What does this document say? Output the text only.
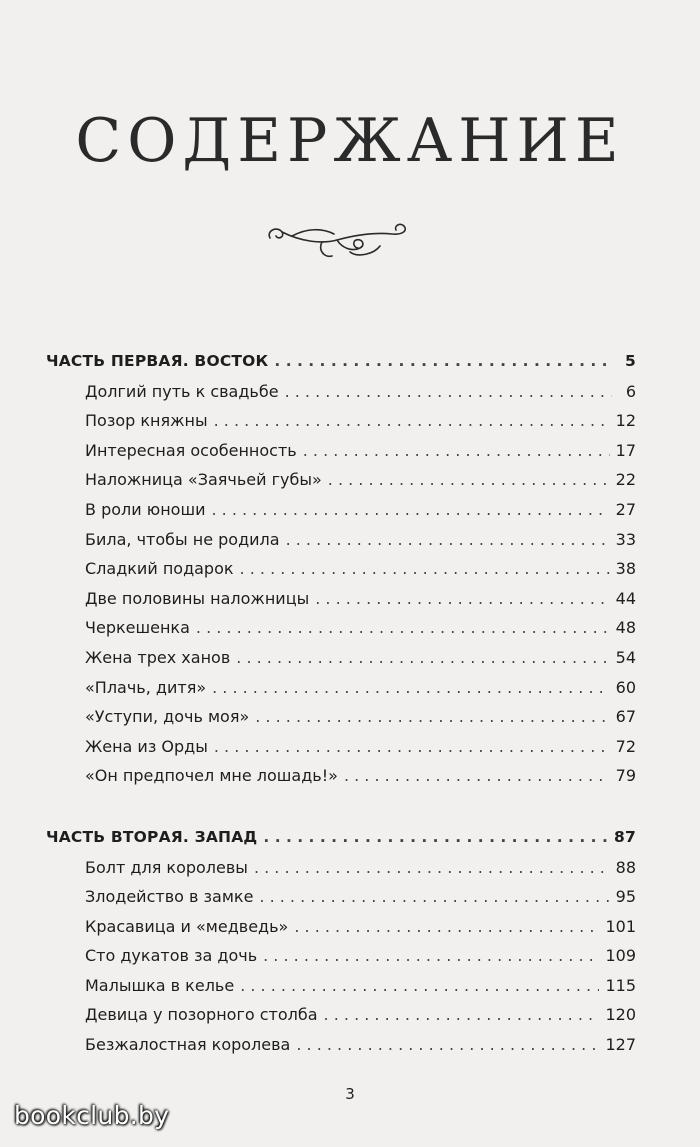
СОДЕРЖАНИЕ
ЧАСТЬ ПЕРВАЯ. ВОСТОК . . .	5
Долгий путь к свадьбе . . .	6
Позор княжны . . .	12
Интересная особенность . . .	17
Наложница «Заячьей губы» . . .	22
В роли юноши . . .	27
Била, чтобы не родила . . .	33
Сладкий подарок . . .	38
Две половины наложницы . . .	44
Черкешенка . . .	48
Жена трех ханов . . .	54
«Плачь, дитя» . . .	60
«Уступи, дочь моя» . . .	67
Жена из Орды . . .	72
«Он предпочел мне лошадь!» . . .	79
ЧАСТЬ ВТОРАЯ. ЗАПАД . . .	87
Болт для королевы . . .	88
Злодейство в замке . . .	95
Красавица и «медведь» . . .	101
Сто дукатов за дочь . . .	109
Малышка в келье . . .	115
Девица у позорного столба . . .	120
Безжалостная королева . . .	127
3
bookclub.by
